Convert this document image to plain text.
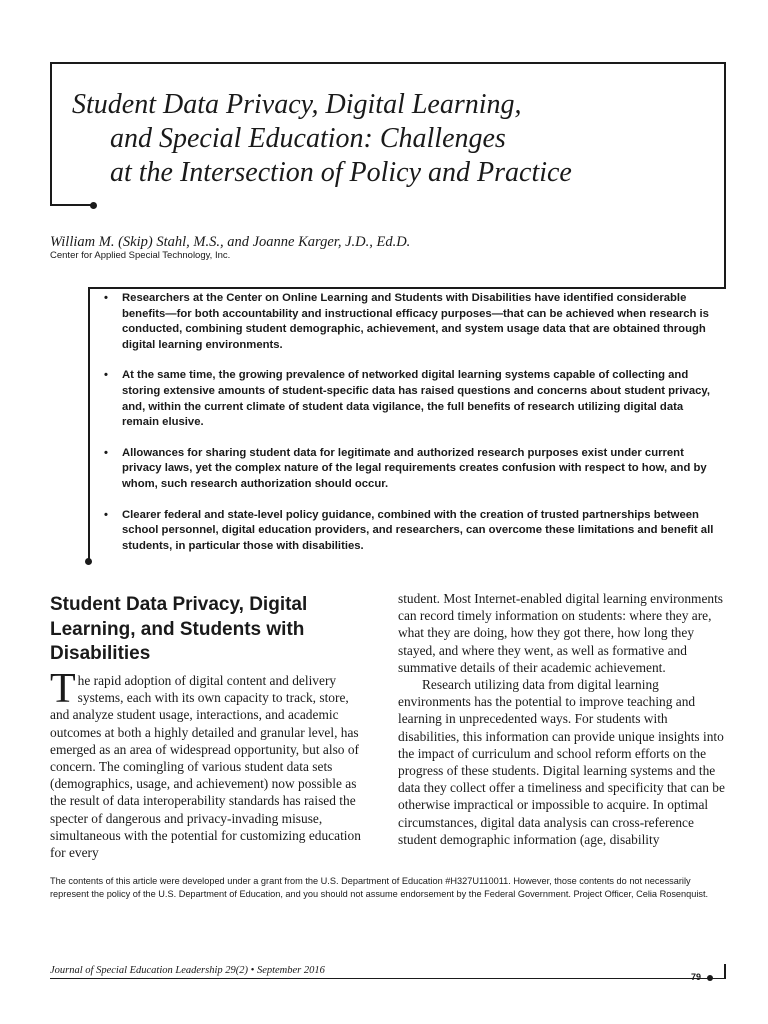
Student Data Privacy, Digital Learning,
and Special Education: Challenges
at the Intersection of Policy and Practice
William M. (Skip) Stahl, M.S., and Joanne Karger, J.D., Ed.D.
Center for Applied Special Technology, Inc.
• Researchers at the Center on Online Learning and Students with Disabilities have identified considerable benefits—for both accountability and instructional efficacy purposes—that can be achieved when research is conducted, combining student demographic, achievement, and system usage data that are obtained through digital learning environments.
• At the same time, the growing prevalence of networked digital learning systems capable of collecting and storing extensive amounts of student-specific data has raised questions and concerns about student privacy, and, within the current climate of student data vigilance, the full benefits of research utilizing digital data remain elusive.
• Allowances for sharing student data for legitimate and authorized research purposes exist under current privacy laws, yet the complex nature of the legal requirements creates confusion with respect to how, and by whom, such research authorization should occur.
• Clearer federal and state-level policy guidance, combined with the creation of trusted partnerships between school personnel, digital education providers, and researchers, can overcome these limitations and benefit all students, in particular those with disabilities.
Student Data Privacy, Digital Learning, and Students with Disabilities

The rapid adoption of digital content and delivery systems, each with its own capacity to track, store, and analyze student usage, interactions, and academic outcomes at both a highly detailed and granular level, has emerged as an area of widespread opportunity, but also of concern. The comingling of various student data sets (demographics, usage, and achievement) now possible as the result of data interoperability standards has raised the specter of dangerous and privacy-invading misuse, simultaneous with the potential for customizing education for every

student. Most Internet-enabled digital learning environments can record timely information on students: where they are, what they are doing, how they got there, how long they stayed, and where they went, as well as formative and summative details of their academic achievement.

Research utilizing data from digital learning environments has the potential to improve teaching and learning in unprecedented ways. For students with disabilities, this information can provide unique insights into the impact of curriculum and school reform efforts on the progress of these students. Digital learning systems and the data they collect offer a timeliness and specificity that can be otherwise impractical or impossible to acquire. In optimal circumstances, digital data analysis can cross-reference student demographic information (age, disability

The contents of this article were developed under a grant from the U.S. Department of Education #H327U110011. However, those contents do not necessarily represent the policy of the U.S. Department of Education, and you should not assume endorsement by the Federal Government. Project Officer, Celia Rosenquist.
Journal of Special Education Leadership 29(2) • September 2016
79
